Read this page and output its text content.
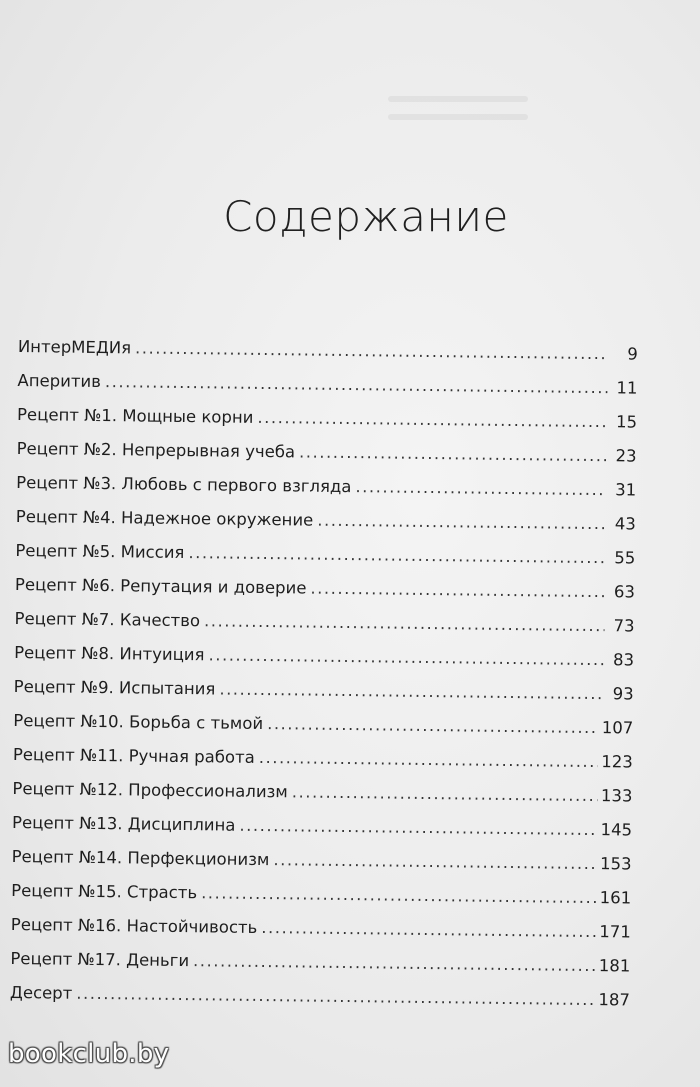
Содержание
ИнтерМЕДИя .....	9
Аперитив .....	11
Рецепт №1. Мощные корни .....	15
Рецепт №2. Непрерывная учеба .....	23
Рецепт №3. Любовь с первого взгляда .....	31
Рецепт №4. Надежное окружение .....	43
Рецепт №5. Миссия .....	55
Рецепт №6. Репутация и доверие .....	63
Рецепт №7. Качество .....	73
Рецепт №8. Интуиция .....	83
Рецепт №9. Испытания .....	93
Рецепт №10. Борьба с тьмой .....	107
Рецепт №11. Ручная работа .....	123
Рецепт №12. Профессионализм .....	133
Рецепт №13. Дисциплина .....	145
Рецепт №14. Перфекционизм .....	153
Рецепт №15. Страсть .....	161
Рецепт №16. Настойчивость .....	171
Рецепт №17. Деньги .....	181
Десерт .....	187
bookclub.by
